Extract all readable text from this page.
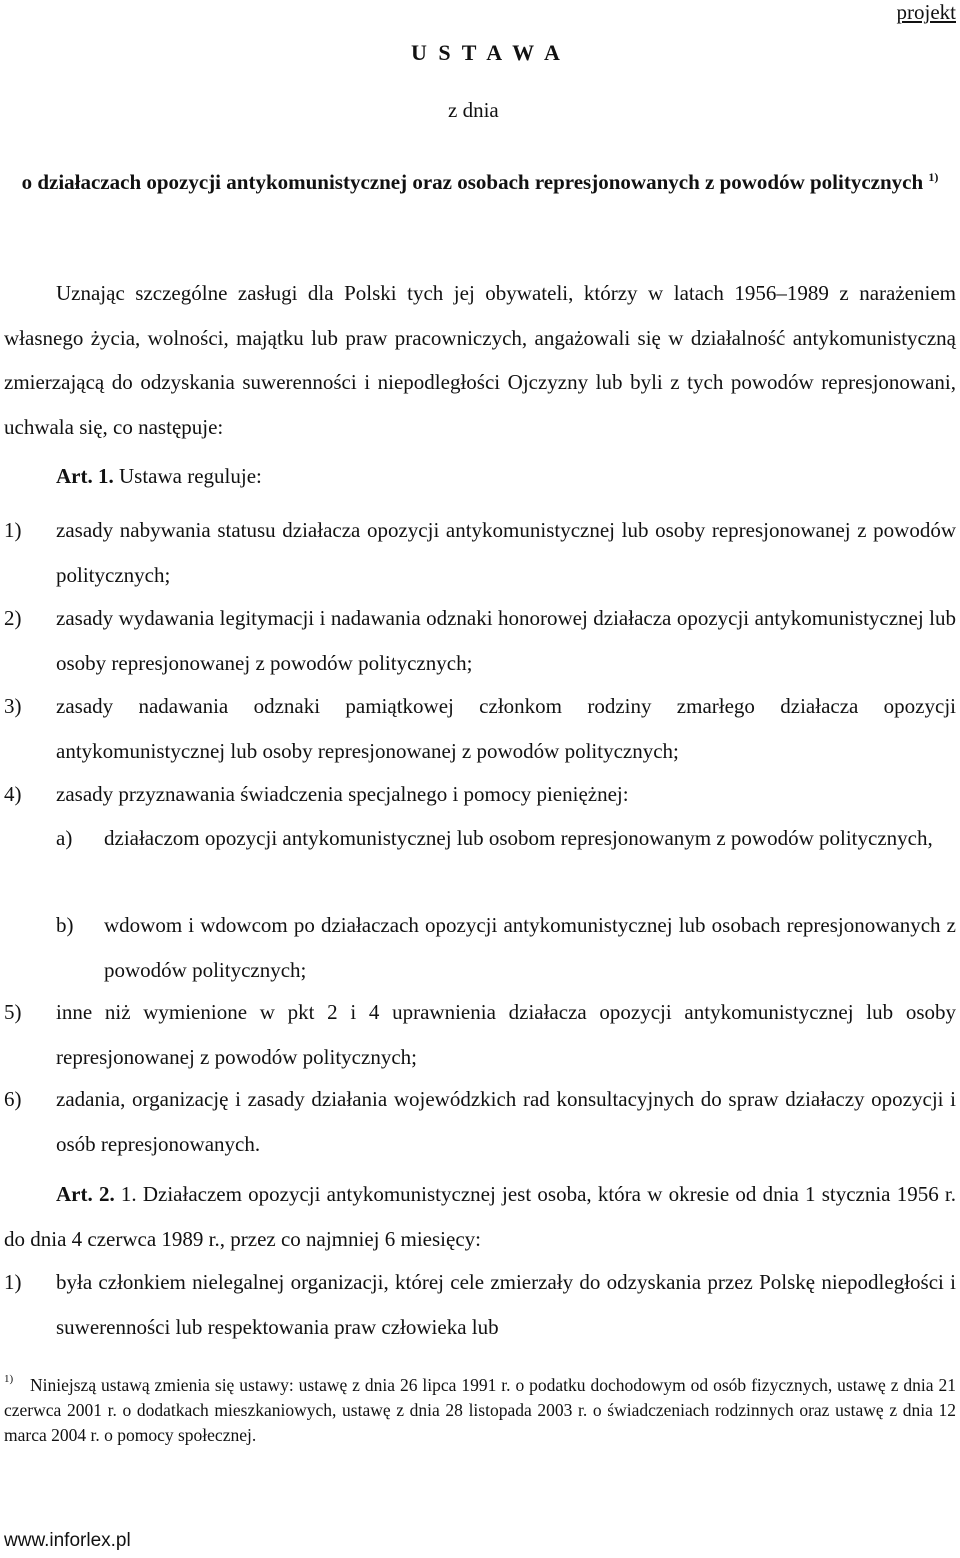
projekt
U S T A W A
z dnia
o działaczach opozycji antykomunistycznej oraz osobach represjonowanych z powodów politycznych $^{1)}$
Uznając szczególne zasługi dla Polski tych jej obywateli, którzy w latach 1956–1989 z narażeniem własnego życia, wolności, majątku lub praw pracowniczych, angażowali się w działalność antykomunistyczną zmierzającą do odzyskania suwerenności i niepodległości Ojczyzny lub byli z tych powodów represjonowani, uchwala się, co następuje:
Art. 1. Ustawa reguluje:
1) zasady nabywania statusu działacza opozycji antykomunistycznej lub osoby represjonowanej z powodów politycznych;
2) zasady wydawania legitymacji i nadawania odznaki honorowej działacza opozycji antykomunistycznej lub osoby represjonowanej z powodów politycznych;
3) zasady nadawania odznaki pamiątkowej członkom rodziny zmarłego działacza opozycji antykomunistycznej lub osoby represjonowanej z powodów politycznych;
4) zasady przyznawania świadczenia specjalnego i pomocy pieniężnej:
a) działaczom opozycji antykomunistycznej lub osobom represjonowanym z powodów politycznych,
b) wdowom i wdowcom po działaczach opozycji antykomunistycznej lub osobach represjonowanych z powodów politycznych;
5) inne niż wymienione w pkt 2 i 4 uprawnienia działacza opozycji antykomunistycznej lub osoby represjonowanej z powodów politycznych;
6) zadania, organizację i zasady działania wojewódzkich rad konsultacyjnych do spraw działaczy opozycji i osób represjonowanych.
Art. 2. 1. Działaczem opozycji antykomunistycznej jest osoba, która w okresie od dnia 1 stycznia 1956 r. do dnia 4 czerwca 1989 r., przez co najmniej 6 miesięcy:
1) była członkiem nielegalnej organizacji, której cele zmierzały do odzyskania przez Polskę niepodległości i suwerenności lub respektowania praw człowieka lub
1) Niniejszą ustawą zmienia się ustawy: ustawę z dnia 26 lipca 1991 r. o podatku dochodowym od osób fizycznych, ustawę z dnia 21 czerwca 2001 r. o dodatkach mieszkaniowych, ustawę z dnia 28 listopada 2003 r. o świadczeniach rodzinnych oraz ustawę z dnia 12 marca 2004 r. o pomocy społecznej.
www.inforlex.pl
